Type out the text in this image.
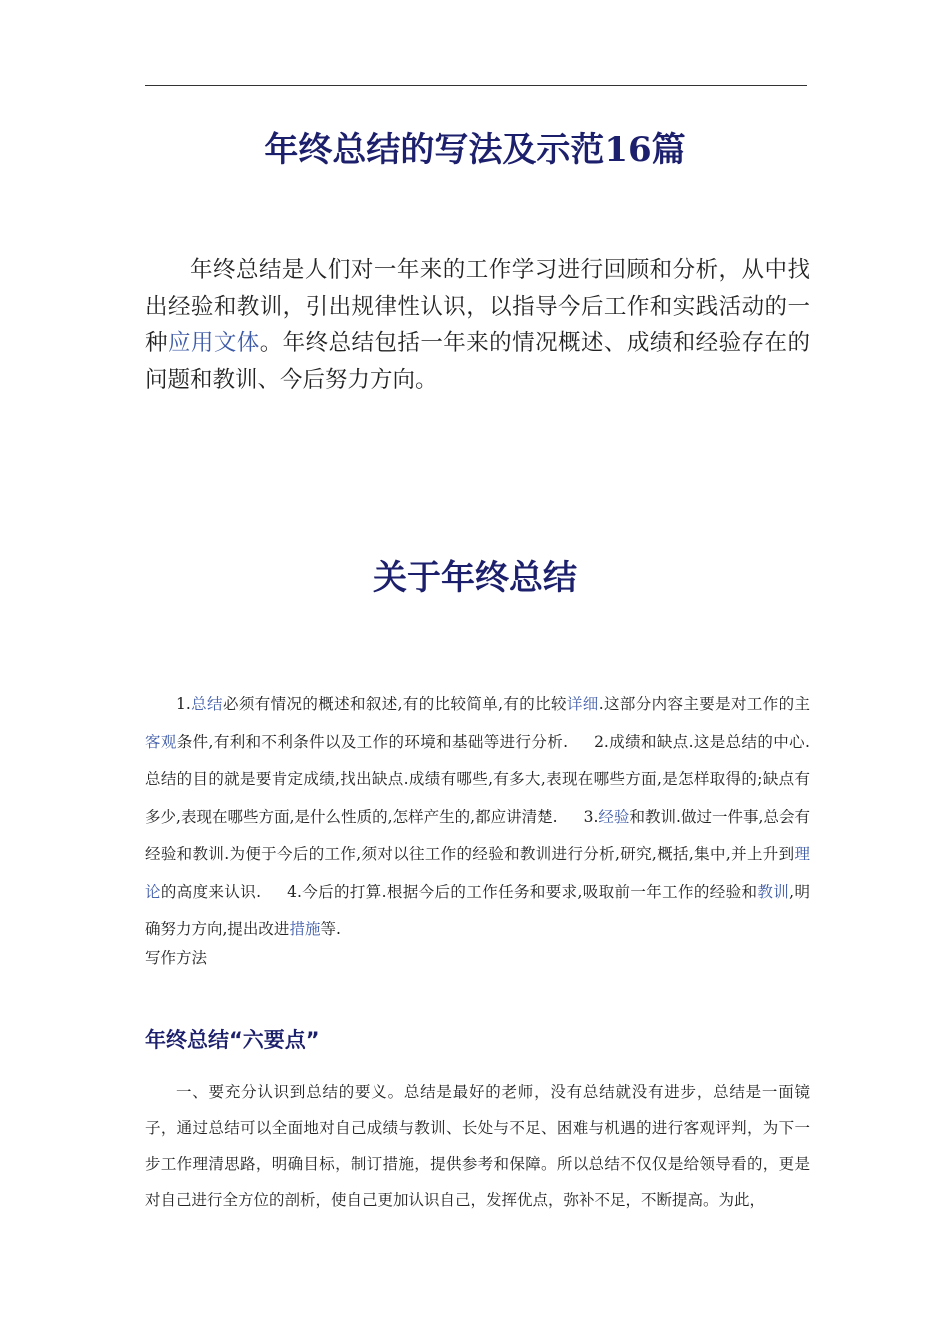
年终总结的写法及示范16篇

年终总结是人们对一年来的工作学习进行回顾和分析，从中找出经验和教训，引出规律性认识，以指导今后工作和实践活动的一种应用文体。年终总结包括一年来的情况概述、成绩和经验存在的问题和教训、今后努力方向。

关于年终总结

1.总结必须有情况的概述和叙述,有的比较简单,有的比较详细.这部分内容主要是对工作的主客观条件,有利和不利条件以及工作的环境和基础等进行分析. 2.成绩和缺点.这是总结的中心.总结的目的就是要肯定成绩,找出缺点.成绩有哪些,有多大,表现在哪些方面,是怎样取得的;缺点有多少,表现在哪些方面,是什么性质的,怎样产生的,都应讲清楚. 3.经验和教训.做过一件事,总会有经验和教训.为便于今后的工作,须对以往工作的经验和教训进行分析,研究,概括,集中,并上升到理论的高度来认识. 4.今后的打算.根据今后的工作任务和要求,吸取前一年工作的经验和教训,明确努力方向,提出改进措施等.

写作方法

年终总结“六要点”

一、要充分认识到总结的要义。总结是最好的老师，没有总结就没有进步，总结是一面镜子，通过总结可以全面地对自己成绩与教训、长处与不足、困难与机遇的进行客观评判，为下一步工作理清思路，明确目标，制订措施，提供参考和保障。所以总结不仅仅是给领导看的，更是对自己进行全方位的剖析，使自己更加认识自己，发挥优点，弥补不足，不断提高。为此，
